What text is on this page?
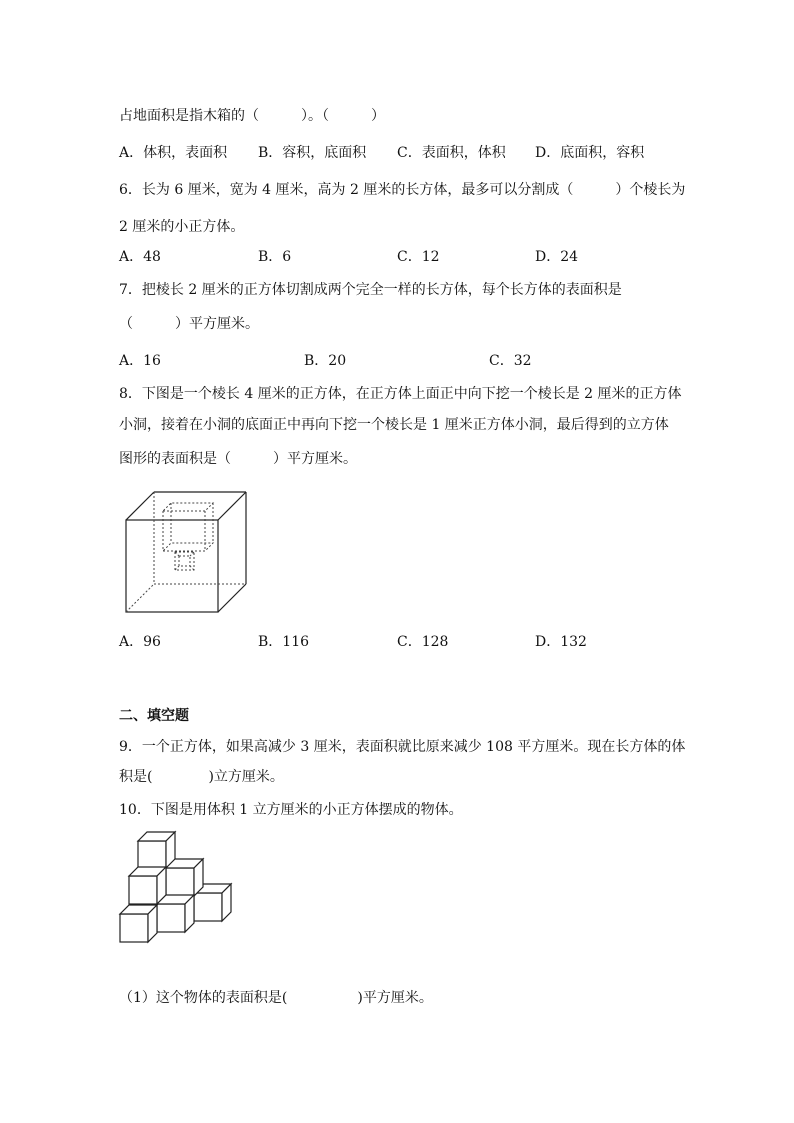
占地面积是指木箱的（　　　）。（　　　）
A．体积，表面积 B．容积，底面积 C．表面积，体积 D．底面积，容积
6．长为 6 厘米，宽为 4 厘米，高为 2 厘米的长方体，最多可以分割成（　　　）个棱长为
2 厘米的小正方体。
A．48	B．6	C．12	D．24
7．把棱长 2 厘米的正方体切割成两个完全一样的长方体，每个长方体的表面积是
（　　　）平方厘米。
A．16	B．20	C．32
8．下图是一个棱长 4 厘米的正方体，在正方体上面正中向下挖一个棱长是 2 厘米的正方体
小洞，接着在小洞的底面正中再向下挖一个棱长是 1 厘米正方体小洞，最后得到的立方体
图形的表面积是（　　　）平方厘米。
A．96	B．116	C．128	D．132
二、填空题
9．一个正方体，如果高减少 3 厘米，表面积就比原来减少 108 平方厘米。现在长方体的体
积是(　　　　)立方厘米。
10．下图是用体积 1 立方厘米的小正方体摆成的物体。
（1）这个物体的表面积是(　　　　　)平方厘米。
